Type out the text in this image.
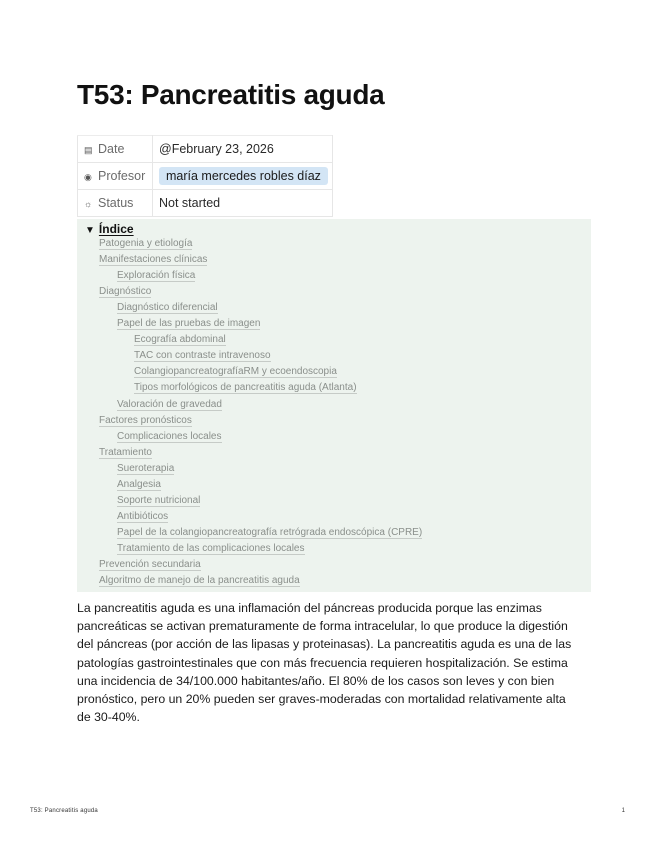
T53: Pancreatitis aguda
▤ Date	@February 23, 2026
◉ Profesor	maría mercedes robles díaz
☼ Status	Not started
▼ Índice
Patogenia y etiología
Manifestaciones clínicas
Exploración física
Diagnóstico
Diagnóstico diferencial
Papel de las pruebas de imagen
Ecografía abdominal
TAC con contraste intravenoso
ColangiopancreatografíaRM y ecoendoscopia
Tipos morfológicos de pancreatitis aguda (Atlanta)
Valoración de gravedad
Factores pronósticos
Complicaciones locales
Tratamiento
Sueroterapia
Analgesia
Soporte nutricional
Antibióticos
Papel de la colangiopancreatografía retrógrada endoscópica (CPRE)
Tratamiento de las complicaciones locales
Prevención secundaria
Algoritmo de manejo de la pancreatitis aguda

La pancreatitis aguda es una inflamación del páncreas producida porque las enzimas pancreáticas se activan prematuramente de forma intracelular, lo que produce la digestión del páncreas (por acción de las lipasas y proteinasas). La pancreatitis aguda es una de las patologías gastrointestinales que con más frecuencia requieren hospitalización. Se estima una incidencia de 34/100.000 habitantes/año. El 80% de los casos son leves y con bien pronóstico, pero un 20% pueden ser graves-moderadas con mortalidad relativamente alta de 30-40%.

T53: Pancreatitis aguda	1
